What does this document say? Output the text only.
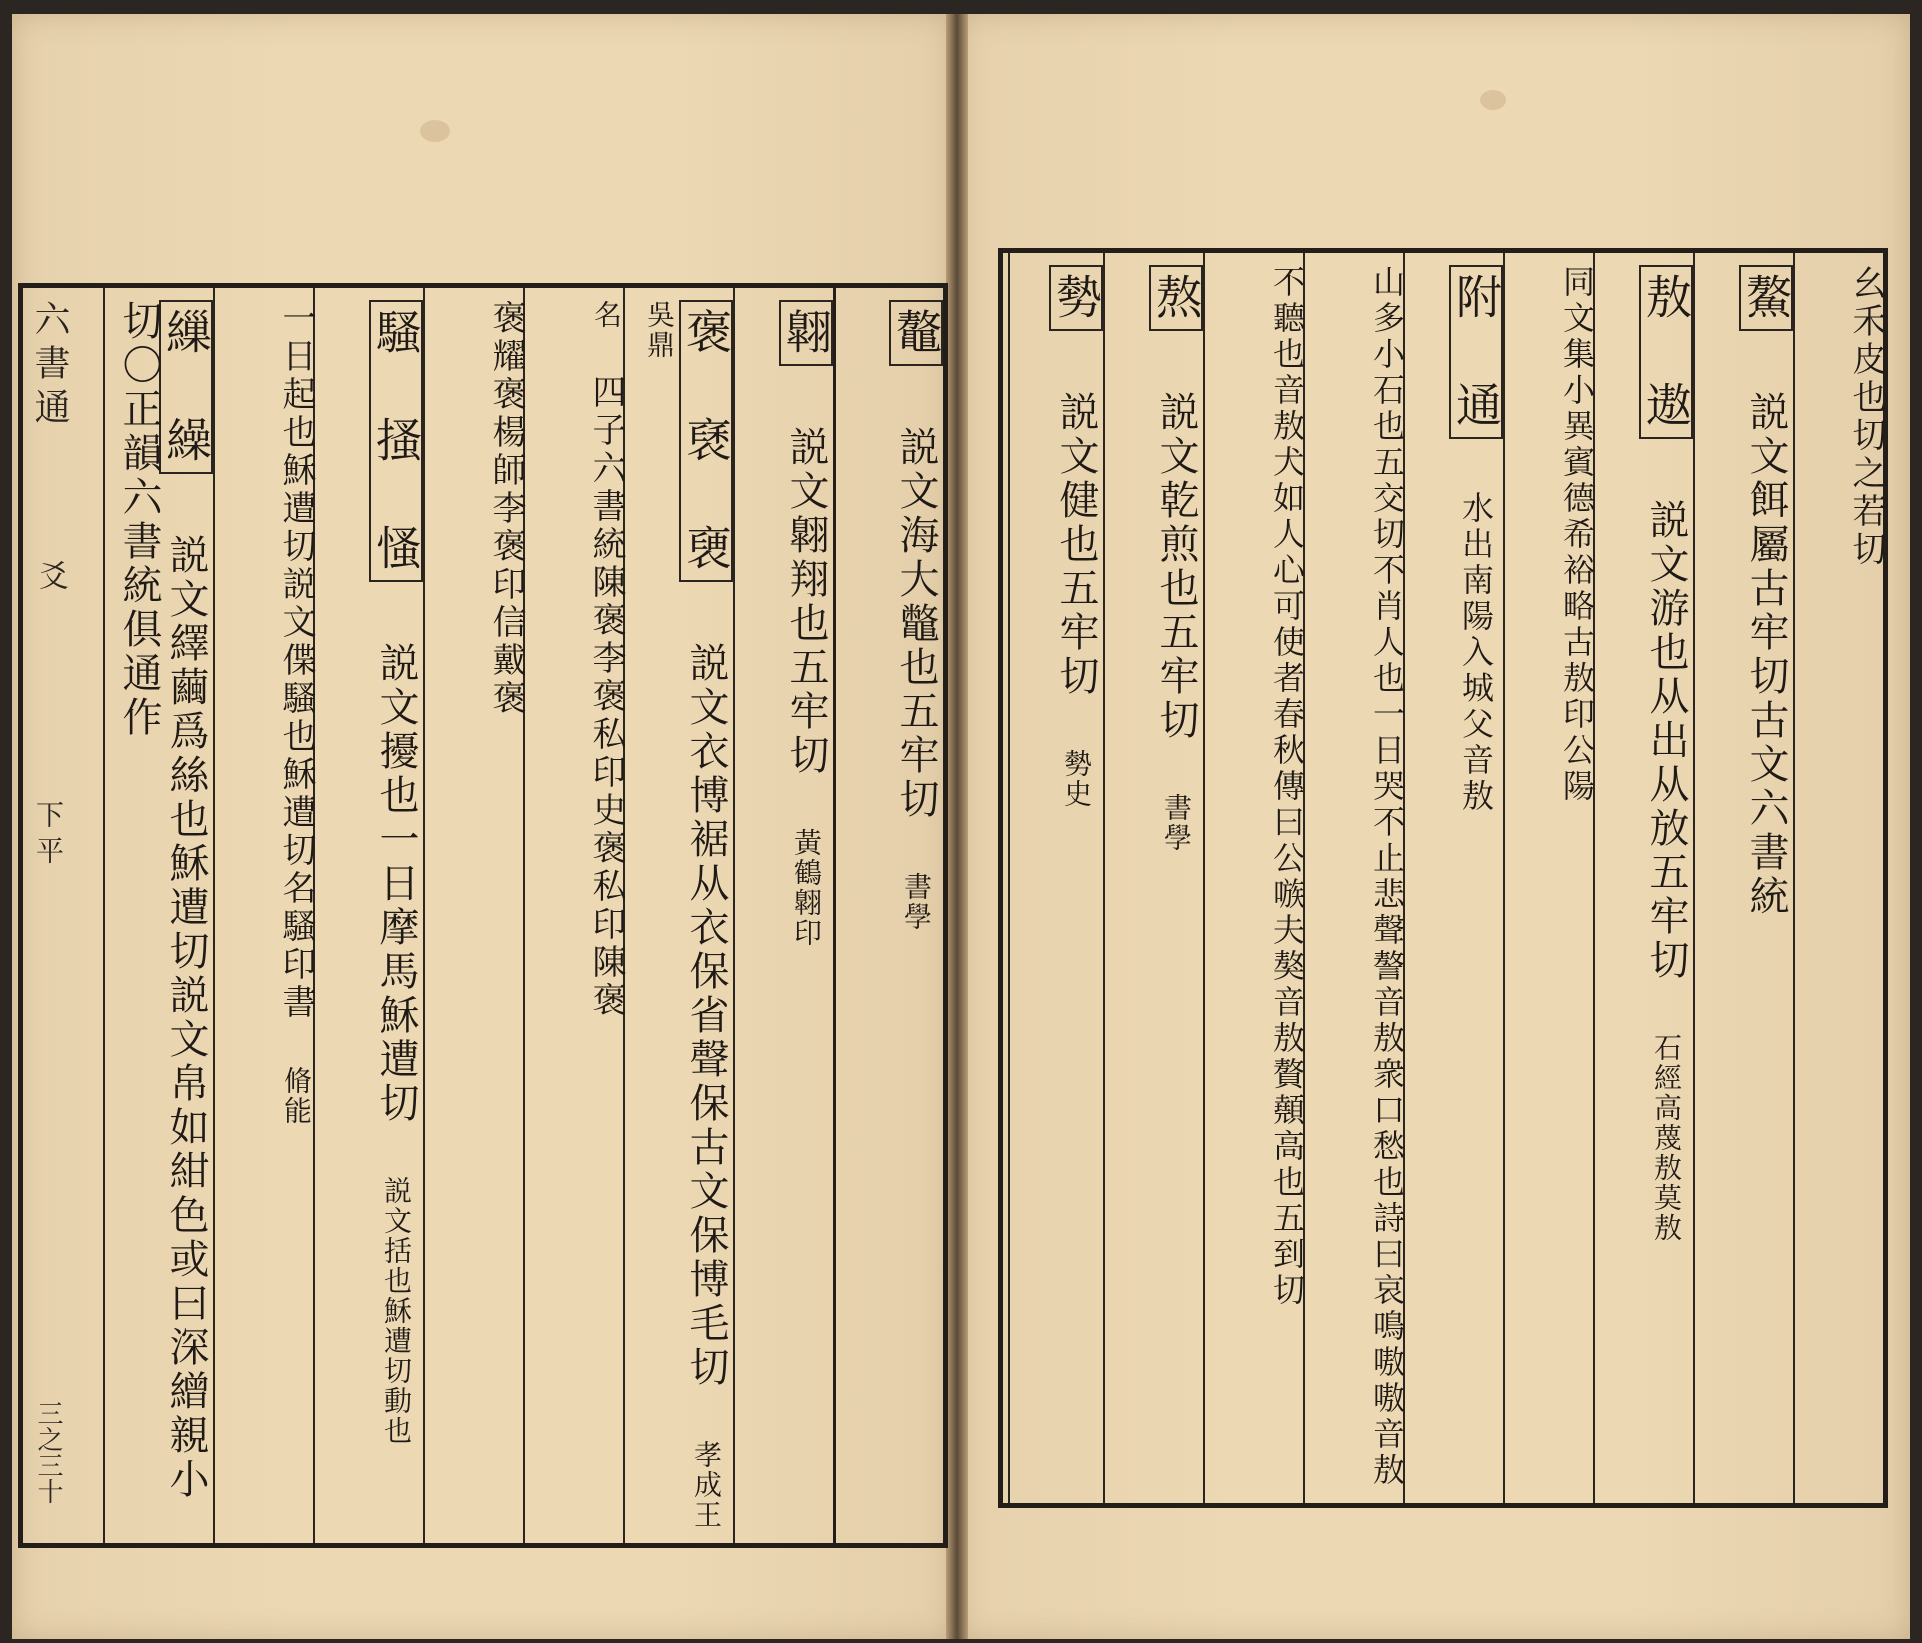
鼇 説文海大鼈也五牢切 書學
翺 説文翺翔也五牢切 黃鶴翺印
褒 褎 褏 説文衣博裾从衣保省聲保古文保博毛切 孝成王吳鼎
名 四子六書統陳褒李褒私印史褒私印陳褒
褒耀褒楊師李褒印信戴褒
騷 搔 慅 説文擾也一日摩馬穌遭切 説文括也穌遭切動也
一日起也穌遭切説文偞騷也穌遭切名騷印書 脩能
繅 繰 説文繹繭爲絲也穌遭切説文帛如紺色或曰深繒親小切〇正韻六書統俱通作
六書通
爻
下平
三之三十
幺禾皮也切之若切
鰲 説文餌屬古牢切古文六書統
敖 遨 説文游也从出从放五牢切 石經高蔑敖莫敖
同文集小異賓德希裕略古敖印公陽
附 通 水出南陽入城父音敖
山多小石也五交切不肖人也一日哭不止悲聲謷音敖衆口愁也詩曰哀鳴嗷嗷音敖
不聽也音敖犬如人心可使者春秋傳曰公嗾夫獒音敖贅顤高也五到切
熬 説文乾煎也五牢切 書學
勢 説文健也五牢切 勢史
